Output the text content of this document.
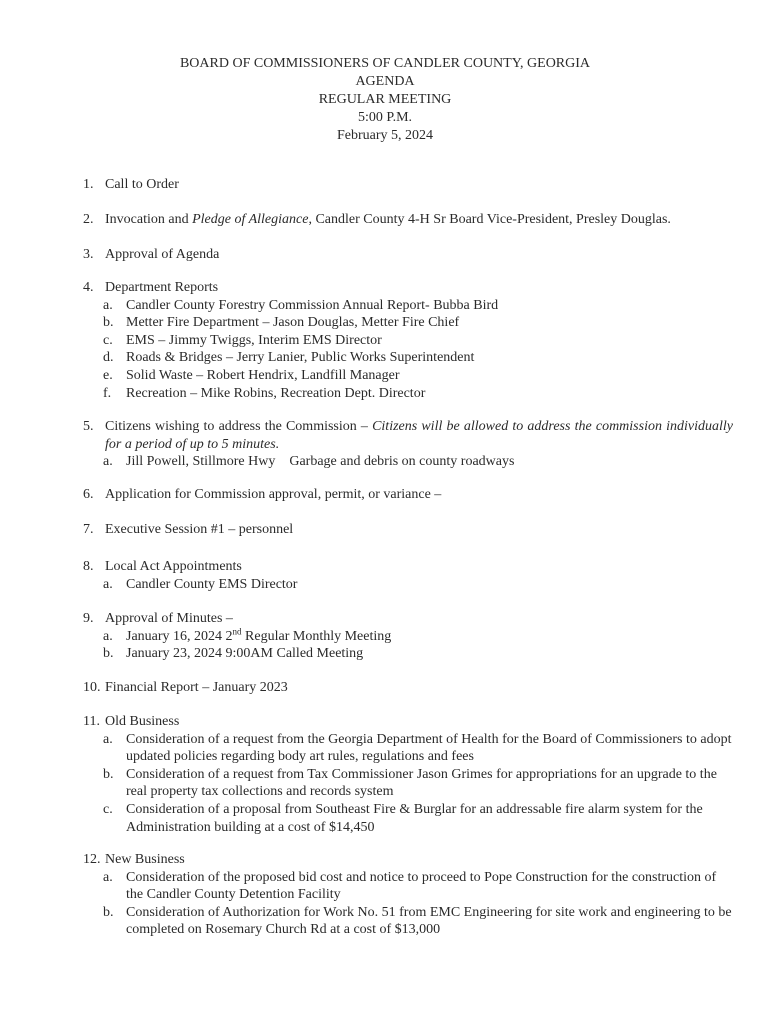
BOARD OF COMMISSIONERS OF CANDLER COUNTY, GEORGIA
AGENDA
REGULAR MEETING
5:00 P.M.
February 5, 2024
1. Call to Order
2. Invocation and Pledge of Allegiance, Candler County 4-H Sr Board Vice-President, Presley Douglas.
3. Approval of Agenda
4. Department Reports
a. Candler County Forestry Commission Annual Report- Bubba Bird
b. Metter Fire Department – Jason Douglas, Metter Fire Chief
c. EMS – Jimmy Twiggs, Interim EMS Director
d. Roads & Bridges – Jerry Lanier, Public Works Superintendent
e. Solid Waste – Robert Hendrix, Landfill Manager
f. Recreation – Mike Robins, Recreation Dept. Director
5. Citizens wishing to address the Commission – Citizens will be allowed to address the commission individually for a period of up to 5 minutes.
a. Jill Powell, Stillmore Hwy    Garbage and debris on county roadways
6. Application for Commission approval, permit, or variance –
7. Executive Session #1 – personnel
8. Local Act Appointments
a. Candler County EMS Director
9. Approval of Minutes –
a. January 16, 2024 2nd Regular Monthly Meeting
b. January 23, 2024 9:00AM Called Meeting
10. Financial Report – January 2023
11. Old Business
a. Consideration of a request from the Georgia Department of Health for the Board of Commissioners to adopt updated policies regarding body art rules, regulations and fees
b. Consideration of a request from Tax Commissioner Jason Grimes for appropriations for an upgrade to the real property tax collections and records system
c. Consideration of a proposal from Southeast Fire & Burglar for an addressable fire alarm system for the Administration building at a cost of $14,450
12. New Business
a. Consideration of the proposed bid cost and notice to proceed to Pope Construction for the construction of the Candler County Detention Facility
b. Consideration of Authorization for Work No. 51 from EMC Engineering for site work and engineering to be completed on Rosemary Church Rd at a cost of $13,000
